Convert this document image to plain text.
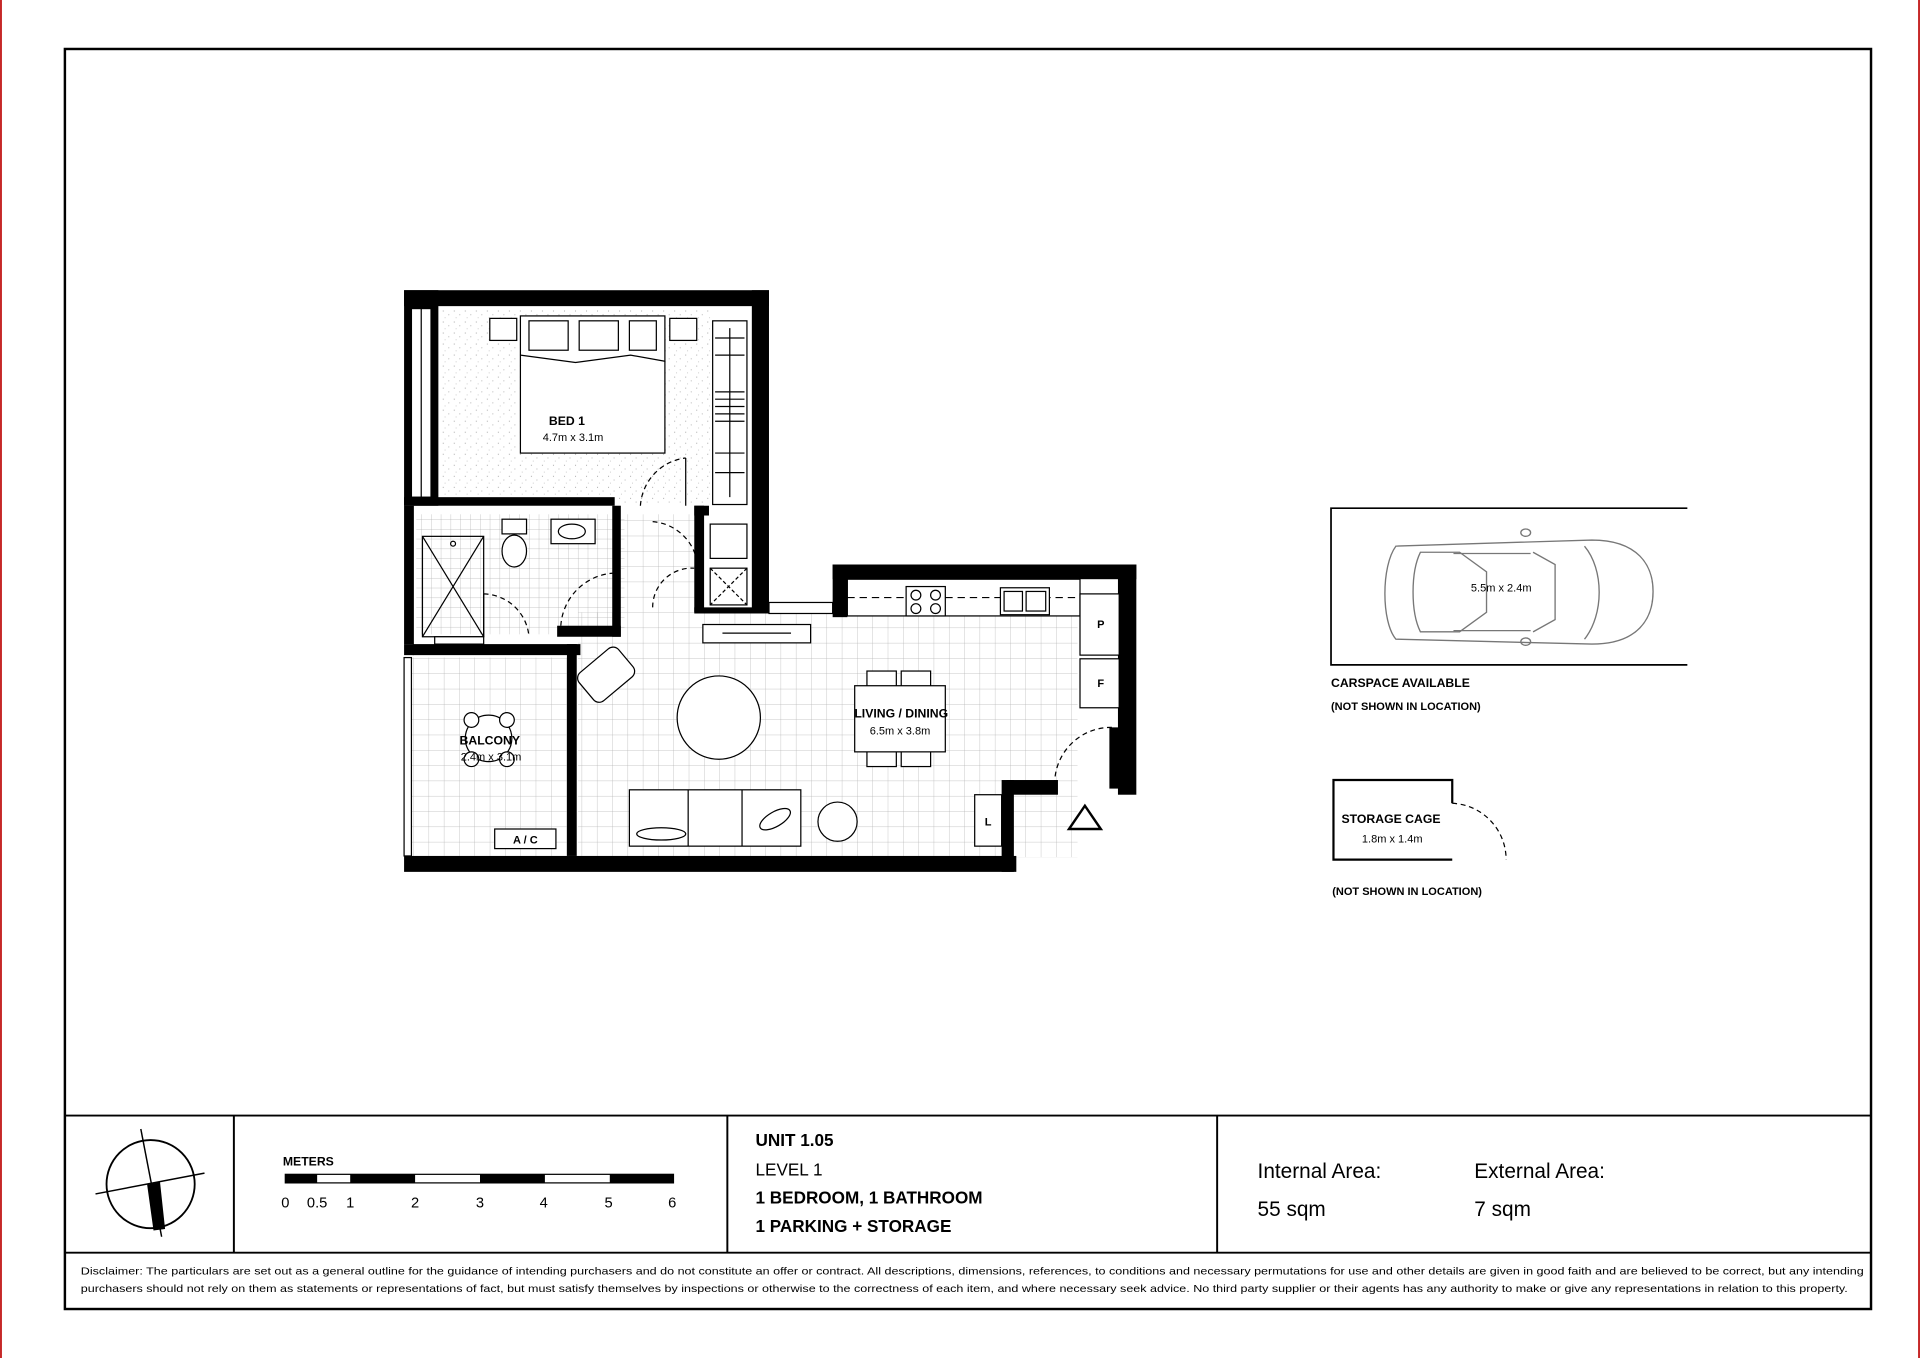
BED 1
4.7m x 3.1m
LIVING / DINING
6.5m x 3.8m
BALCONY
2.4m x 3.1m
P
F
L
A / C
5.5m x 2.4m
CARSPACE AVAILABLE
(NOT SHOWN IN LOCATION)
STORAGE CAGE
1.8m x 1.4m
(NOT SHOWN IN LOCATION)
METERS
0 0.5 1	2	3	4	5	6
UNIT 1.05
LEVEL 1
1 BEDROOM, 1 BATHROOM
1 PARKING + STORAGE
Internal Area:
55 sqm
External Area:
7 sqm
Disclaimer: The particulars are set out as a general outline for the guidance of intending purchasers and do not constitute an offer or contract. All descriptions, dimensions, references, to conditions and necessary permutations for use and other details are given in good faith and are believed to be correct, but any intending
purchasers should not rely on them as statements or representations of fact, but must satisfy themselves by inspections or otherwise to the correctness of each item, and where necessary seek advice. No third party supplier or their agents has any authority to make or give any representations in relation to this property.
